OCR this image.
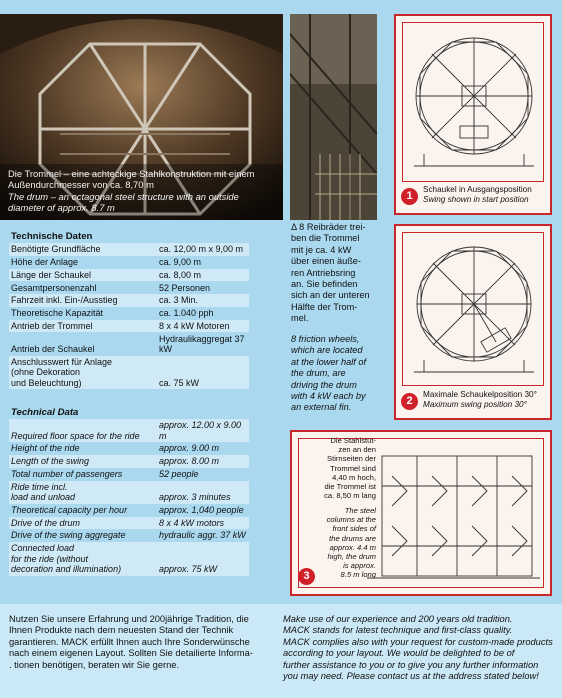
Die Trommel – eine achteckige Stahlkonstruktion mit einem Außendurchmesser von ca. 8,70 m
The drum – an octagonal steel structure with an outside diameter of approx. 8.7 m
Technische Daten
Benötigte Grundfläche	ca. 12,00 m x 9,00 m
Höhe der Anlage	ca. 9,00 m
Länge der Schaukel	ca. 8,00 m
Gesamtpersonenzahl	52 Personen
Fahrzeit inkl. Ein-/Ausstieg	ca. 3 Min.
Theoretische Kapazität	ca. 1.040 pph
Antrieb der Trommel	8 x 4 kW Motoren
Antrieb der Schaukel	Hydraulikaggregat 37 kW
Anschlusswert für Anlage
(ohne Dekoration
und Beleuchtung)	ca. 75 kW
Technical Data
Required floor space for the ride	approx. 12.00 x 9.00 m
Height of the ride	approx. 9.00 m
Length of the swing	approx. 8.00 m
Total number of passengers	52 people
Ride time incl.
load and unload	approx. 3 minutes
Theoretical capacity per hour	approx. 1,040 people
Drive of the drum	8 x 4 kW motors
Drive of the swing aggregate	hydraulic aggr. 37 kW
Connected load
for the ride (without
decoration and illumination)	approx. 75 kW
Δ 8 Reibräder trei-
ben die Trommel
mit je ca. 4 kW
über einen äuße-
ren Antriebsring
an. Sie befinden
sich an der unteren
Hälfte der Trom-
mel.
8 friction wheels,
which are located
at the lower half of
the drum, are
driving the drum
with 4 kW each by
an external fin.
1
Schaukel in Ausgangsposition
Swing shown in start position
2
Maximale Schaukelposition 30°
Maximum swing position 30°
Die Stahlstüt-
zen an den
Stirnseiten der
Trommel sind
4,40 m hoch,
die Trommel ist
ca. 8,50 m lang
The steel
columns at the
front sides of
the drums are
approx. 4.4 m
high, the drum
is approx.
8.5 m long
3
Nutzen Sie unsere Erfahrung und 200jährige Tradition, die
Ihnen Produkte nach dem neuesten Stand der Technik
garantieren. MACK erfüllt Ihnen auch Ihre Sonderwünsche
nach einem eigenen Layout. Sollten Sie detailierte Informa-
. tionen benötigen, beraten wir Sie gerne.
Make use of our experience and 200 years old tradition.
MACK stands for latest technique and first-class quality.
MACK complies also with your request for custom-made products
according to your layout. We would be delighted to be of
further assistance to you or to give you any further information
you may need. Please contact us at the address stated below!
